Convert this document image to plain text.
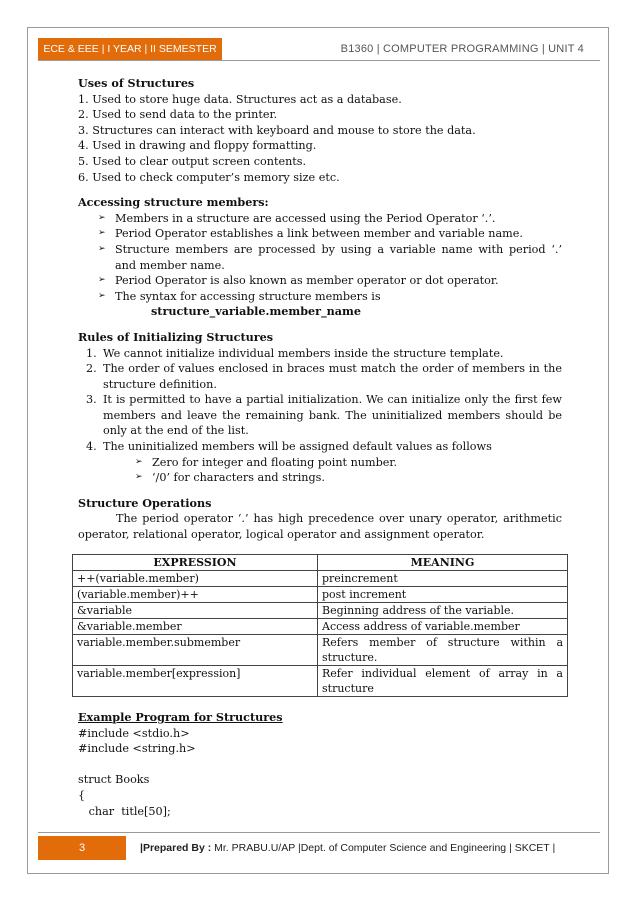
ECE & EEE | I YEAR | II SEMESTER	B1360 | COMPUTER PROGRAMMING | UNIT 4

Uses of Structures

1. Used to store huge data. Structures act as a database.

2. Used to send data to the printer.

3. Structures can interact with keyboard and mouse to store the data.

4. Used in drawing and floppy formatting.

5. Used to clear output screen contents.

6. Used to check computer’s memory size etc.

Accessing structure members:

➢ Members in a structure are accessed using the Period Operator ‘.’.
➢ Period Operator establishes a link between member and variable name.
➢ Structure members are processed by using a variable name with period ‘.’ and member name.
➢ Period Operator is also known as member operator or dot operator.
➢ The syntax for accessing structure members is

structure_variable.member_name

Rules of Initializing Structures

1. We cannot initialize individual members inside the structure template.
2. The order of values enclosed in braces must match the order of members in the structure definition.
3. It is permitted to have a partial initialization. We can initialize only the first few members and leave the remaining bank. The uninitialized members should be only at the end of the list.
4. The uninitialized members will be assigned default values as follows
➢ Zero for integer and floating point number.
➢ ‘/0’ for characters and strings.

Structure Operations

The period operator ‘.’ has high precedence over unary operator, arithmetic operator, relational operator, logical operator and assignment operator.

EXPRESSION	MEANING
++(variable.member)	preincrement
(variable.member)++	post increment
&variable	Beginning address of the variable.
&variable.member	Access address of variable.member
variable.member.submember	Refers member of structure within a structure.
variable.member[expression]	Refer individual element of array in a structure

Example Program for Structures

#include <stdio.h>

#include <string.h>

struct Books

{

char  title[50];

3	|Prepared By : Mr. PRABU.U/AP |Dept. of Computer Science and Engineering | SKCET |
